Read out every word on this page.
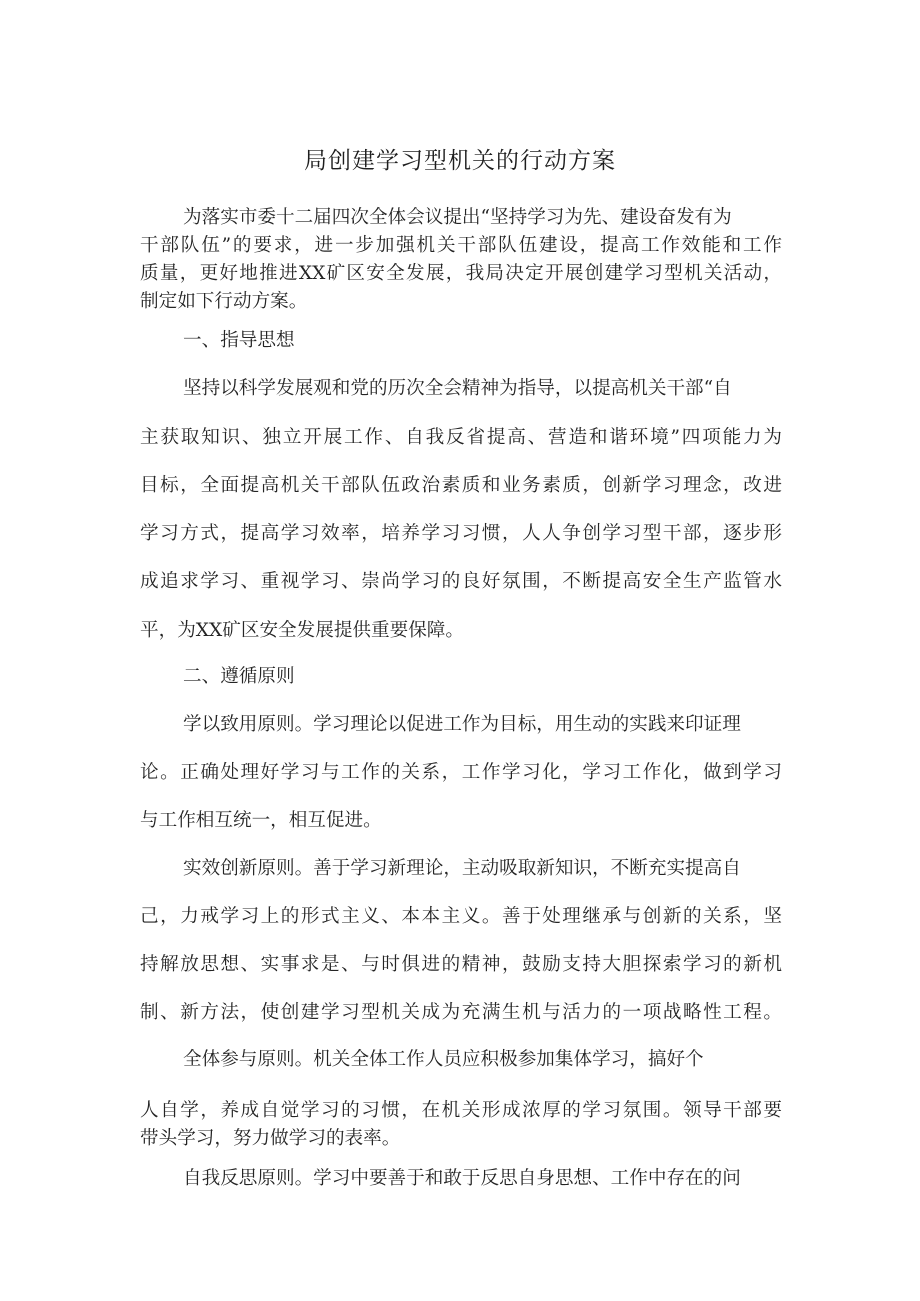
局创建学习型机关的行动方案
为落实市委十二届四次全体会议提出“坚持学习为先、建设奋发有为
干部队伍”的要求，进一步加强机关干部队伍建设，提高工作效能和工作
质量，更好地推进XX矿区安全发展，我局决定开展创建学习型机关活动，
制定如下行动方案。
一、指导思想
坚持以科学发展观和党的历次全会精神为指导，以提高机关干部“自
主获取知识、独立开展工作、自我反省提高、营造和谐环境”四项能力为
目标，全面提高机关干部队伍政治素质和业务素质，创新学习理念，改进
学习方式，提高学习效率，培养学习习惯，人人争创学习型干部，逐步形
成追求学习、重视学习、崇尚学习的良好氛围，不断提高安全生产监管水
平，为XX矿区安全发展提供重要保障。
二、遵循原则
学以致用原则。学习理论以促进工作为目标，用生动的实践来印证理
论。正确处理好学习与工作的关系，工作学习化，学习工作化，做到学习
与工作相互统一，相互促进。
实效创新原则。善于学习新理论，主动吸取新知识，不断充实提高自
己，力戒学习上的形式主义、本本主义。善于处理继承与创新的关系，坚
持解放思想、实事求是、与时俱进的精神，鼓励支持大胆探索学习的新机
制、新方法，使创建学习型机关成为充满生机与活力的一项战略性工程。
全体参与原则。机关全体工作人员应积极参加集体学习，搞好个
人自学，养成自觉学习的习惯，在机关形成浓厚的学习氛围。领导干部要
带头学习，努力做学习的表率。
自我反思原则。学习中要善于和敢于反思自身思想、工作中存在的问
